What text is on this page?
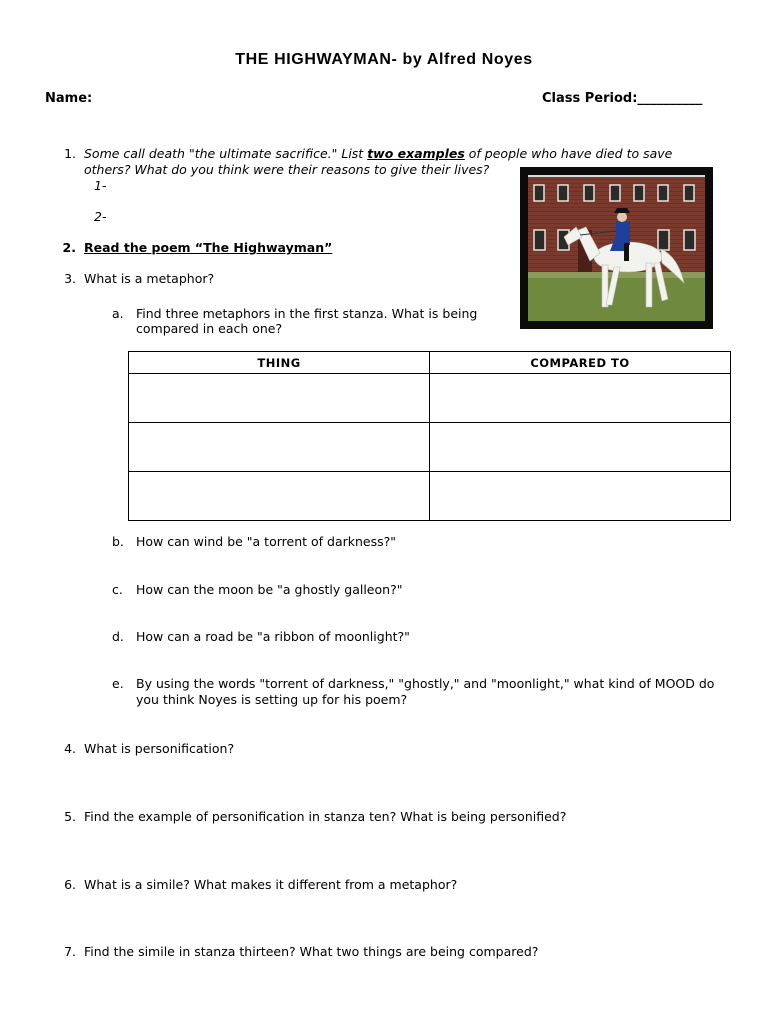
THE HIGHWAYMAN- by Alfred Noyes
Name:	Class Period:__________
1. Some call death "the ultimate sacrifice." List two examples of people who have died to save
others? What do you think were their reasons to give their lives?
1-
2-
2. Read the poem “The Highwayman”
3. What is a metaphor?
a. Find three metaphors in the first stanza. What is being
compared in each one?
THING	COMPARED TO

b. How can wind be "a torrent of darkness?"
c. How can the moon be "a ghostly galleon?"
d. How can a road be "a ribbon of moonlight?"
e. By using the words "torrent of darkness," "ghostly," and "moonlight," what kind of MOOD do
you think Noyes is setting up for his poem?
4. What is personification?
5. Find the example of personification in stanza ten? What is being personified?
6. What is a simile? What makes it different from a metaphor?
7. Find the simile in stanza thirteen? What two things are being compared?
